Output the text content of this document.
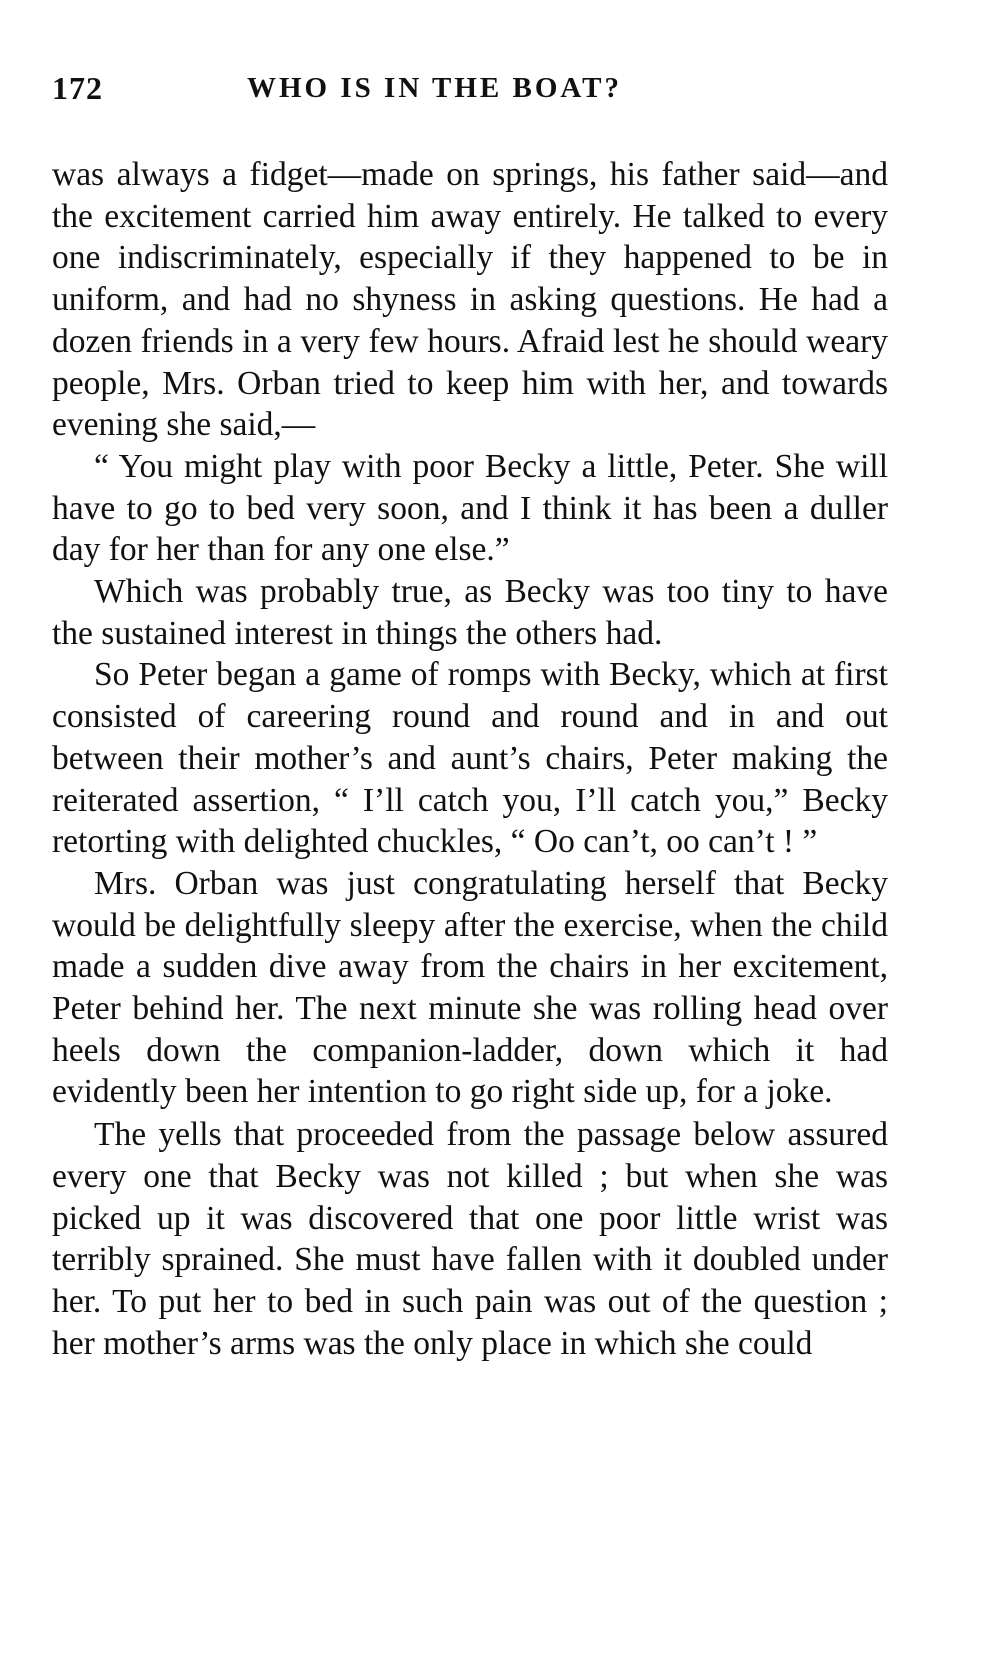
172	WHO IS IN THE BOAT?

was always a fidget—made on springs, his father said—and the excitement carried him away entirely. He talked to every one indiscriminately, especially if they happened to be in uniform, and had no shyness in asking questions. He had a dozen friends in a very few hours. Afraid lest he should weary people, Mrs. Orban tried to keep him with her, and towards evening she said,—

“ You might play with poor Becky a little, Peter. She will have to go to bed very soon, and I think it has been a duller day for her than for any one else.”

Which was probably true, as Becky was too tiny to have the sustained interest in things the others had.

So Peter began a game of romps with Becky, which at first consisted of careering round and round and in and out between their mother’s and aunt’s chairs, Peter making the reiterated assertion, “ I’ll catch you, I’ll catch you,” Becky retorting with delighted chuckles, “ Oo can’t, oo can’t ! ”

Mrs. Orban was just congratulating herself that Becky would be delightfully sleepy after the exercise, when the child made a sudden dive away from the chairs in her excitement, Peter behind her. The next minute she was rolling head over heels down the companion-ladder, down which it had evidently been her intention to go right side up, for a joke.

The yells that proceeded from the passage below assured every one that Becky was not killed ; but when she was picked up it was discovered that one poor little wrist was terribly sprained. She must have fallen with it doubled under her. To put her to bed in such pain was out of the question ; her mother’s arms was the only place in which she could
